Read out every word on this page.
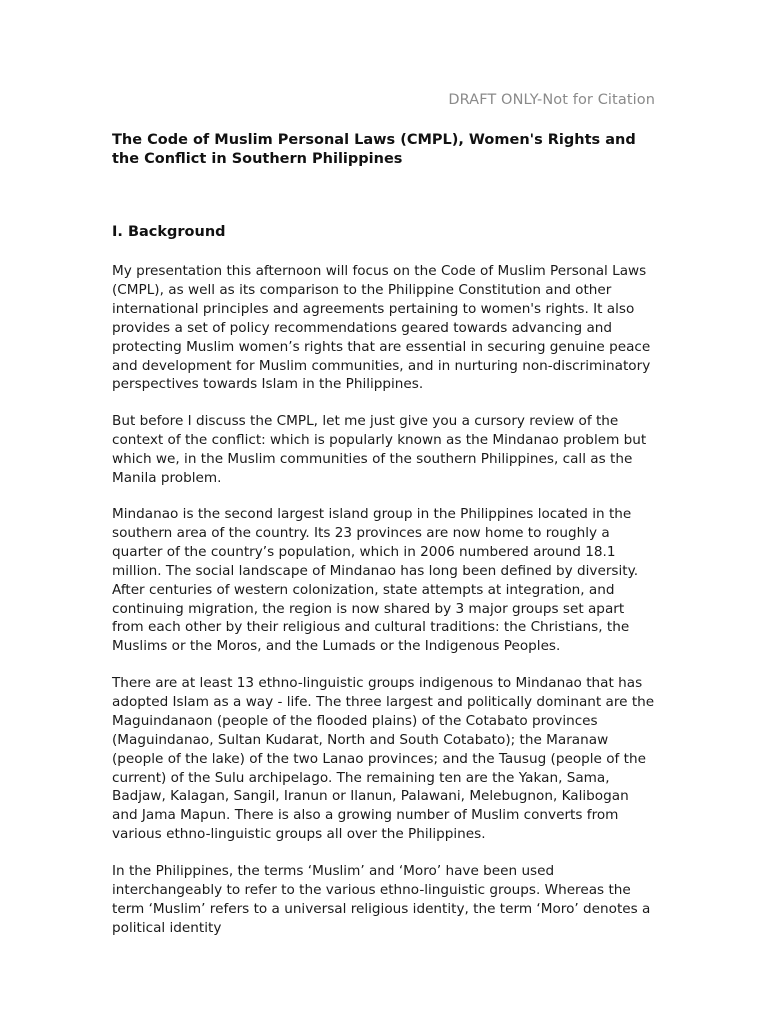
DRAFT ONLY-Not for Citation
The Code of Muslim Personal Laws (CMPL), Women's Rights and the Conflict in Southern Philippines
I. Background

My presentation this afternoon will focus on the Code of Muslim Personal Laws (CMPL), as well as its comparison to the Philippine Constitution and other international principles and agreements pertaining to women's rights. It also provides a set of policy recommendations geared towards advancing and protecting Muslim women’s rights that are essential in securing genuine peace and development for Muslim communities, and in nurturing non-discriminatory perspectives towards Islam in the Philippines.

But before I discuss the CMPL, let me just give you a cursory review of the context of the conflict: which is popularly known as the Mindanao problem but which we, in the Muslim communities of the southern Philippines, call as the Manila problem.

Mindanao is the second largest island group in the Philippines located in the southern area of the country. Its 23 provinces are now home to roughly a quarter of the country’s population, which in 2006 numbered around 18.1 million. The social landscape of Mindanao has long been defined by diversity. After centuries of western colonization, state attempts at integration, and continuing migration, the region is now shared by 3 major groups set apart from each other by their religious and cultural traditions: the Christians, the Muslims or the Moros, and the Lumads or the Indigenous Peoples.

There are at least 13 ethno-linguistic groups indigenous to Mindanao that has adopted Islam as a way - life. The three largest and politically dominant are the Maguindanaon (people of the flooded plains) of the Cotabato provinces (Maguindanao, Sultan Kudarat, North and South Cotabato); the Maranaw (people of the lake) of the two Lanao provinces; and the Tausug (people of the current) of the Sulu archipelago. The remaining ten are the Yakan, Sama, Badjaw, Kalagan, Sangil, Iranun or Ilanun, Palawani, Melebugnon, Kalibogan and Jama Mapun. There is also a growing number of Muslim converts from various ethno-linguistic groups all over the Philippines.

In the Philippines, the terms ‘Muslim’ and ‘Moro’ have been used interchangeably to refer to the various ethno-linguistic groups. Whereas the term ‘Muslim’ refers to a universal religious identity, the term ‘Moro’ denotes a political identity
